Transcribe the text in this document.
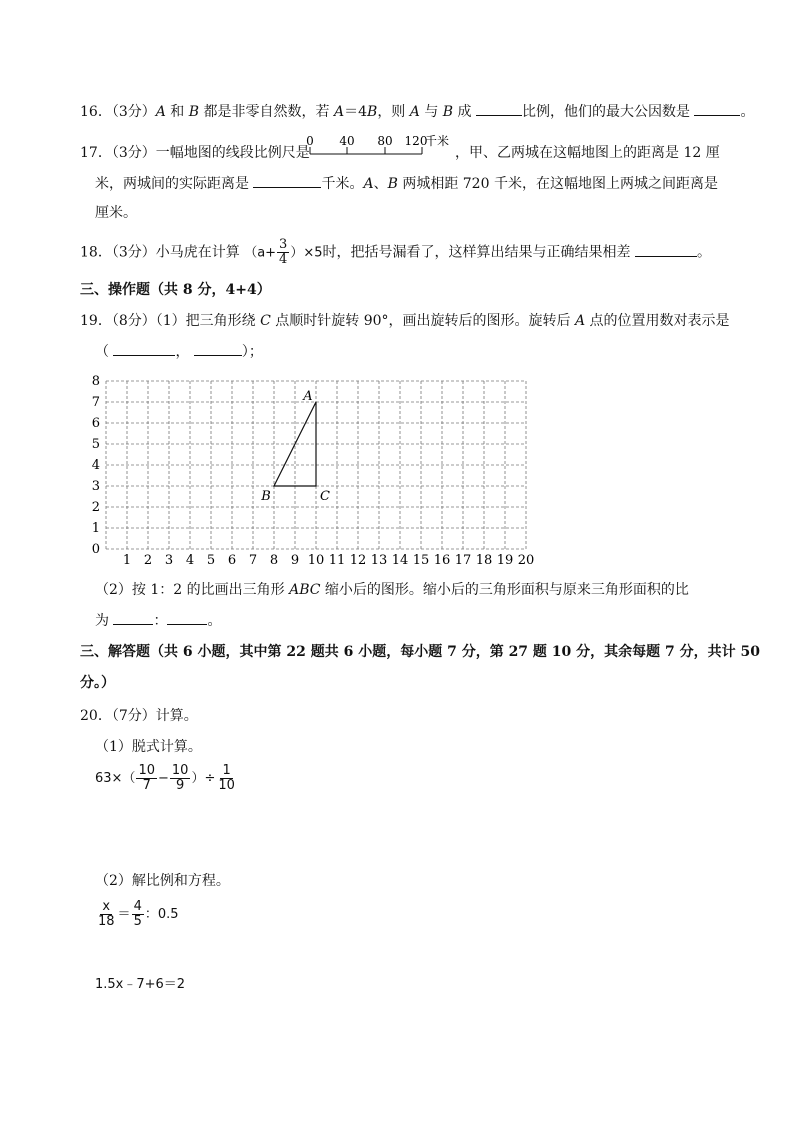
16．（3分）A 和 B 都是非零自然数，若 A＝4B，则 A 与 B 成	比例，他们的最大公因数是	。
17．（3分）一幅地图的线段比例尺是
0 40 80 120
千米
，甲、乙两城在这幅地图上的距离是 12 厘
米，两城间的实际距离是	千米。A、B 两城相距 720 千米，在这幅地图上两城之间距离是
厘米。
18．（3分）小马虎在计算 $(a+ \frac{3}{4} )\times 5$时，把括号漏看了，这样算出结果与正确结果相差	。
三、操作题（共 8 分，4+4）
19．（8分）（1）把三角形绕 C 点顺时针旋转 90°，画出旋转后的图形。旋转后 A 点的位置用数对表示是
（	，	）；
1 2 3 4 5 6 7 8 9 10 11 12 13 14 15 16 17 18 19 20
0
1
2
3
4
5
6
7
8
A
B	C
（2）按 1：2 的比画出三角形 ABC 缩小后的图形。缩小后的三角形面积与原来三角形面积的比
为	：	。
三、解答题（共 6 小题，其中第 22 题共 6 小题，每小题 7 分，第 27 题 10 分，其余每题 7 分，共计 50
分。）
20．（7分）计算。
（1）脱式计算。
$63\times( \frac{10}{7} - \frac{10}{9}$ ）÷ $\frac{1}{10}$
（2）解比例和方程。
$\frac{x}{18} = \frac{4}{5}$ ：0.5
1.5x﹣7+6＝2
